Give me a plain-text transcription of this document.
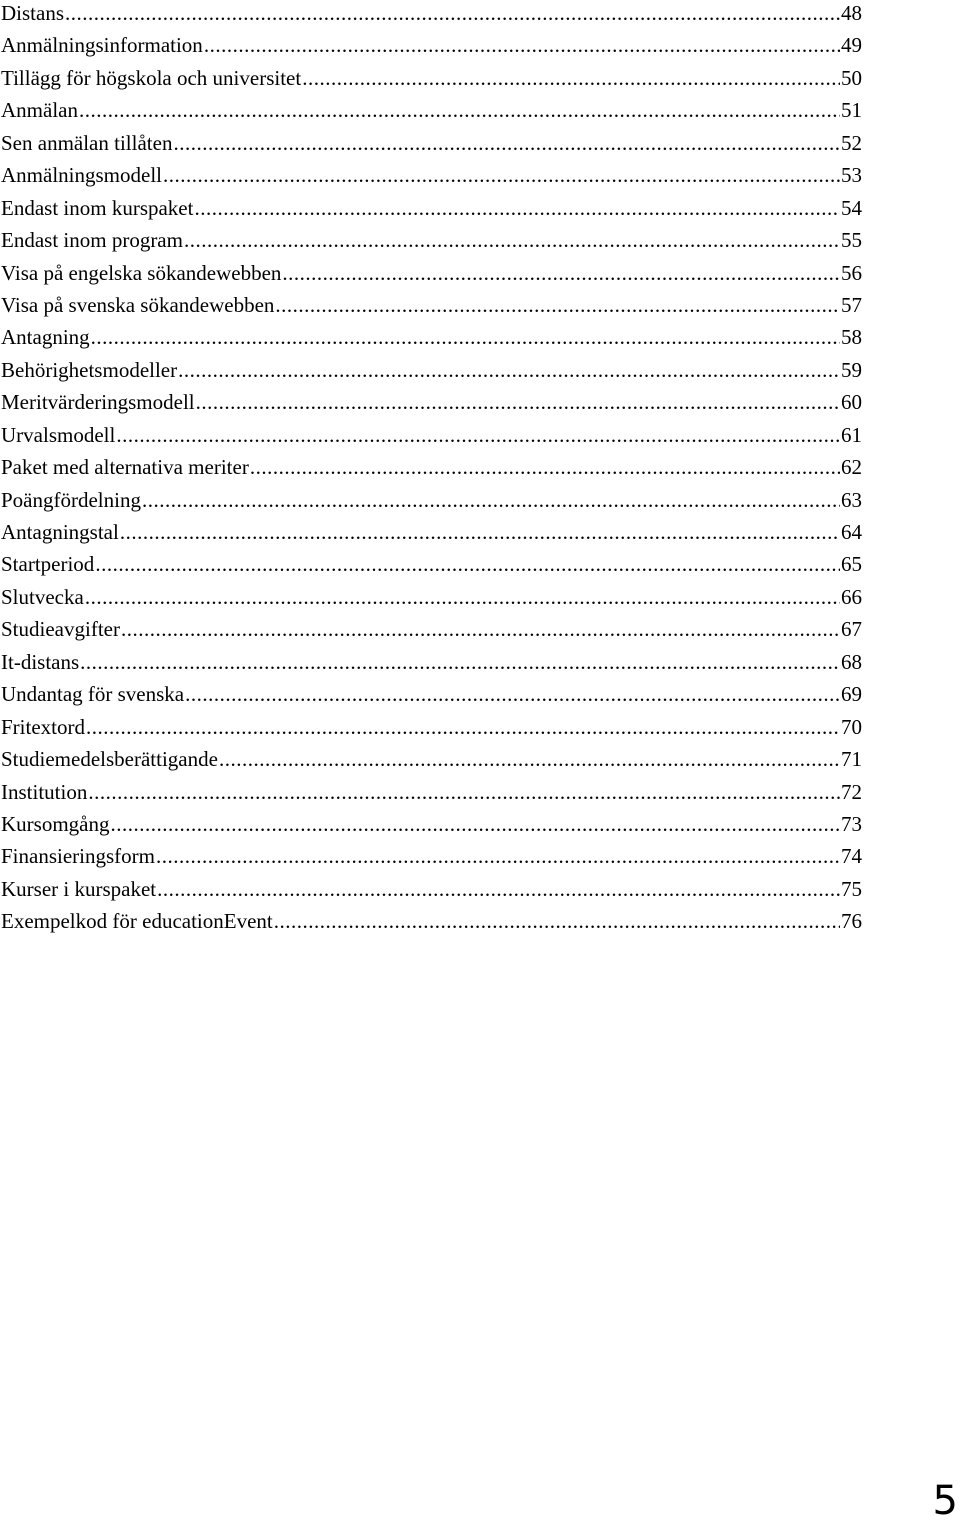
Distans .....	48
Anmälningsinformation .....	49
Tillägg för högskola och universitet .....	50
Anmälan .....	51
Sen anmälan tillåten .....	52
Anmälningsmodell .....	53
Endast inom kurspaket .....	54
Endast inom program .....	55
Visa på engelska sökandewebben .....	56
Visa på svenska sökandewebben .....	57
Antagning .....	58
Behörighetsmodeller .....	59
Meritvärderingsmodell .....	60
Urvalsmodell .....	61
Paket med alternativa meriter .....	62
Poängfördelning .....	63
Antagningstal .....	64
Startperiod .....	65
Slutvecka .....	66
Studieavgifter .....	67
It-distans .....	68
Undantag för svenska .....	69
Fritextord .....	70
Studiemedelsberättigande .....	71
Institution .....	72
Kursomgång .....	73
Finansieringsform .....	74
Kurser i kurspaket .....	75
Exempelkod för educationEvent .....	76
5
